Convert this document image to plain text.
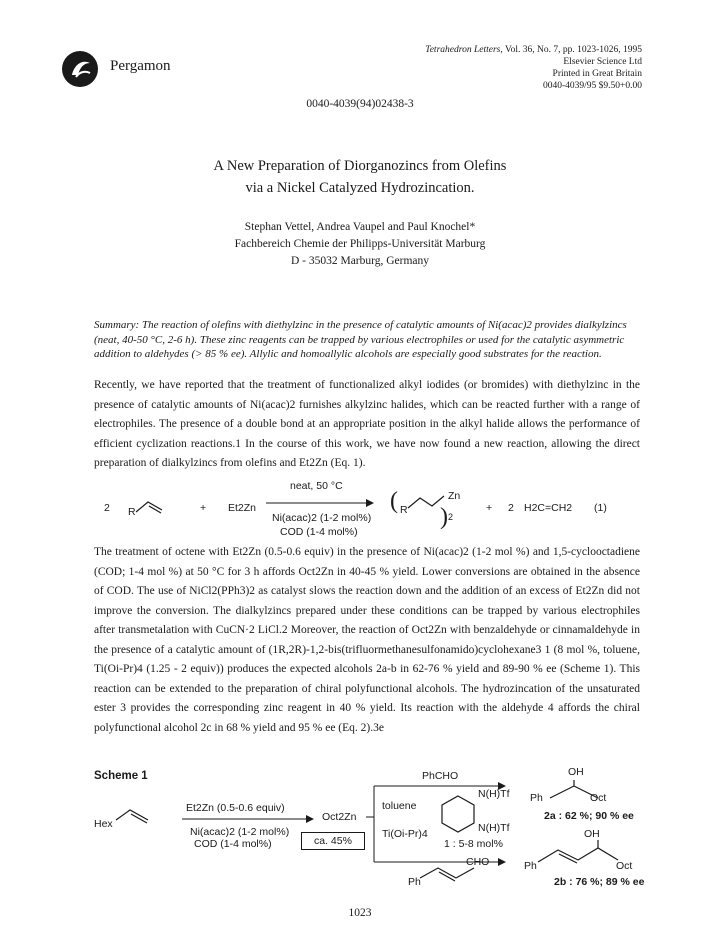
Pergamon
Tetrahedron Letters, Vol. 36, No. 7, pp. 1023-1026, 1995
Elsevier Science Ltd
Printed in Great Britain
0040-4039/95 $9.50+0.00
0040-4039(94)02438-3
A New Preparation of Diorganozincs from Olefins
via a Nickel Catalyzed Hydrozincation.
Stephan Vettel, Andrea Vaupel and Paul Knochel*
Fachbereich Chemie der Philipps-Universität Marburg
D - 35032 Marburg, Germany
Summary: The reaction of olefins with diethylzinc in the presence of catalytic amounts of Ni(acac)2 provides dialkylzincs (neat, 40-50 °C, 2-6 h). These zinc reagents can be trapped by various electrophiles or used for the catalytic asymmetric addition to aldehydes (> 85 % ee). Allylic and homoallylic alcohols are especially good substrates for the reaction.
Recently, we have reported that the treatment of functionalized alkyl iodides (or bromides) with diethylzinc in the presence of catalytic amounts of Ni(acac)2 furnishes alkylzinc halides, which can be reacted further with a range of electrophiles. The presence of a double bond at an appropriate position in the alkyl halide allows the performance of efficient cyclization reactions.1 In the course of this work, we have now found a new reaction, allowing the direct preparation of dialkylzincs from olefins and Et2Zn (Eq. 1).
2 R	+ Et2Zn
neat, 50 °C
Ni(acac)2 (1-2 mol%)
COD (1-4 mol%)
( R
Zn
) 2
+ 2 H2C=CH2 (1)
The treatment of octene with Et2Zn (0.5-0.6 equiv) in the presence of Ni(acac)2 (1-2 mol %) and 1,5-cyclooctadiene (COD; 1-4 mol %) at 50 °C for 3 h affords Oct2Zn in 40-45 % yield. Lower conversions are obtained in the absence of COD. The use of NiCl2(PPh3)2 as catalyst slows the reaction down and the addition of an excess of Et2Zn did not improve the conversion. The dialkylzincs prepared under these conditions can be trapped by various electrophiles after transmetalation with CuCN·2 LiCl.2 Moreover, the reaction of Oct2Zn with benzaldehyde or cinnamaldehyde in the presence of a catalytic amount of (1R,2R)-1,2-bis(trifluormethanesulfonamido)cyclohexane3 1 (8 mol %, toluene, Ti(Oi-Pr)4 (1.25 - 2 equiv)) produces the expected alcohols 2a-b in 62-76 % yield and 89-90 % ee (Scheme 1). This reaction can be extended to the preparation of chiral polyfunctional alcohols. The hydrozincation of the unsaturated ester 3 provides the corresponding zinc reagent in 40 % yield. Its reaction with the aldehyde 4 affords the chiral polyfunctional alcohol 2c in 68 % yield and 95 % ee (Eq. 2).3e
Scheme 1
Hex
Et2Zn (0.5-0.6 equiv)
Ni(acac)2 (1-2 mol%)
COD (1-4 mol%)	ca. 45%
Oct2Zn
PhCHO
toluene
Ti(Oi-Pr)4
N(H)Tf
N(H)Tf
1 : 5-8 mol%
Ph
CHO
OH
Ph	Oct
2a : 62 %; 90 % ee
OH
Ph	Oct
2b : 76 %; 89 % ee
1023
